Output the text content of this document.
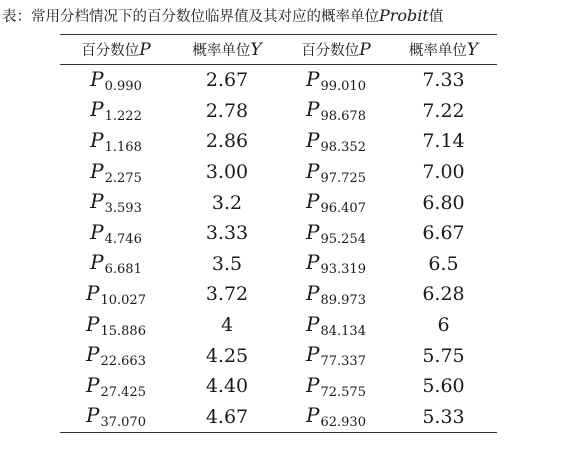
表：常用分档情况下的百分数位临界值及其对应的概率单位Probit值
百分数位P	概率单位Y	百分数位P	概率单位Y
$P_{0.990}$	2.67	$P_{99.010}$	7.33
$P_{1.222}$	2.78	$P_{98.678}$	7.22
$P_{1.168}$	2.86	$P_{98.352}$	7.14
$P_{2.275}$	3.00	$P_{97.725}$	7.00
$P_{3.593}$	3.2	$P_{96.407}$	6.80
$P_{4.746}$	3.33	$P_{95.254}$	6.67
$P_{6.681}$	3.5	$P_{93.319}$	6.5
$P_{10.027}$	3.72	$P_{89.973}$	6.28
$P_{15.886}$	4	$P_{84.134}$	6
$P_{22.663}$	4.25	$P_{77.337}$	5.75
$P_{27.425}$	4.40	$P_{72.575}$	5.60
$P_{37.070}$	4.67	$P_{62.930}$	5.33
